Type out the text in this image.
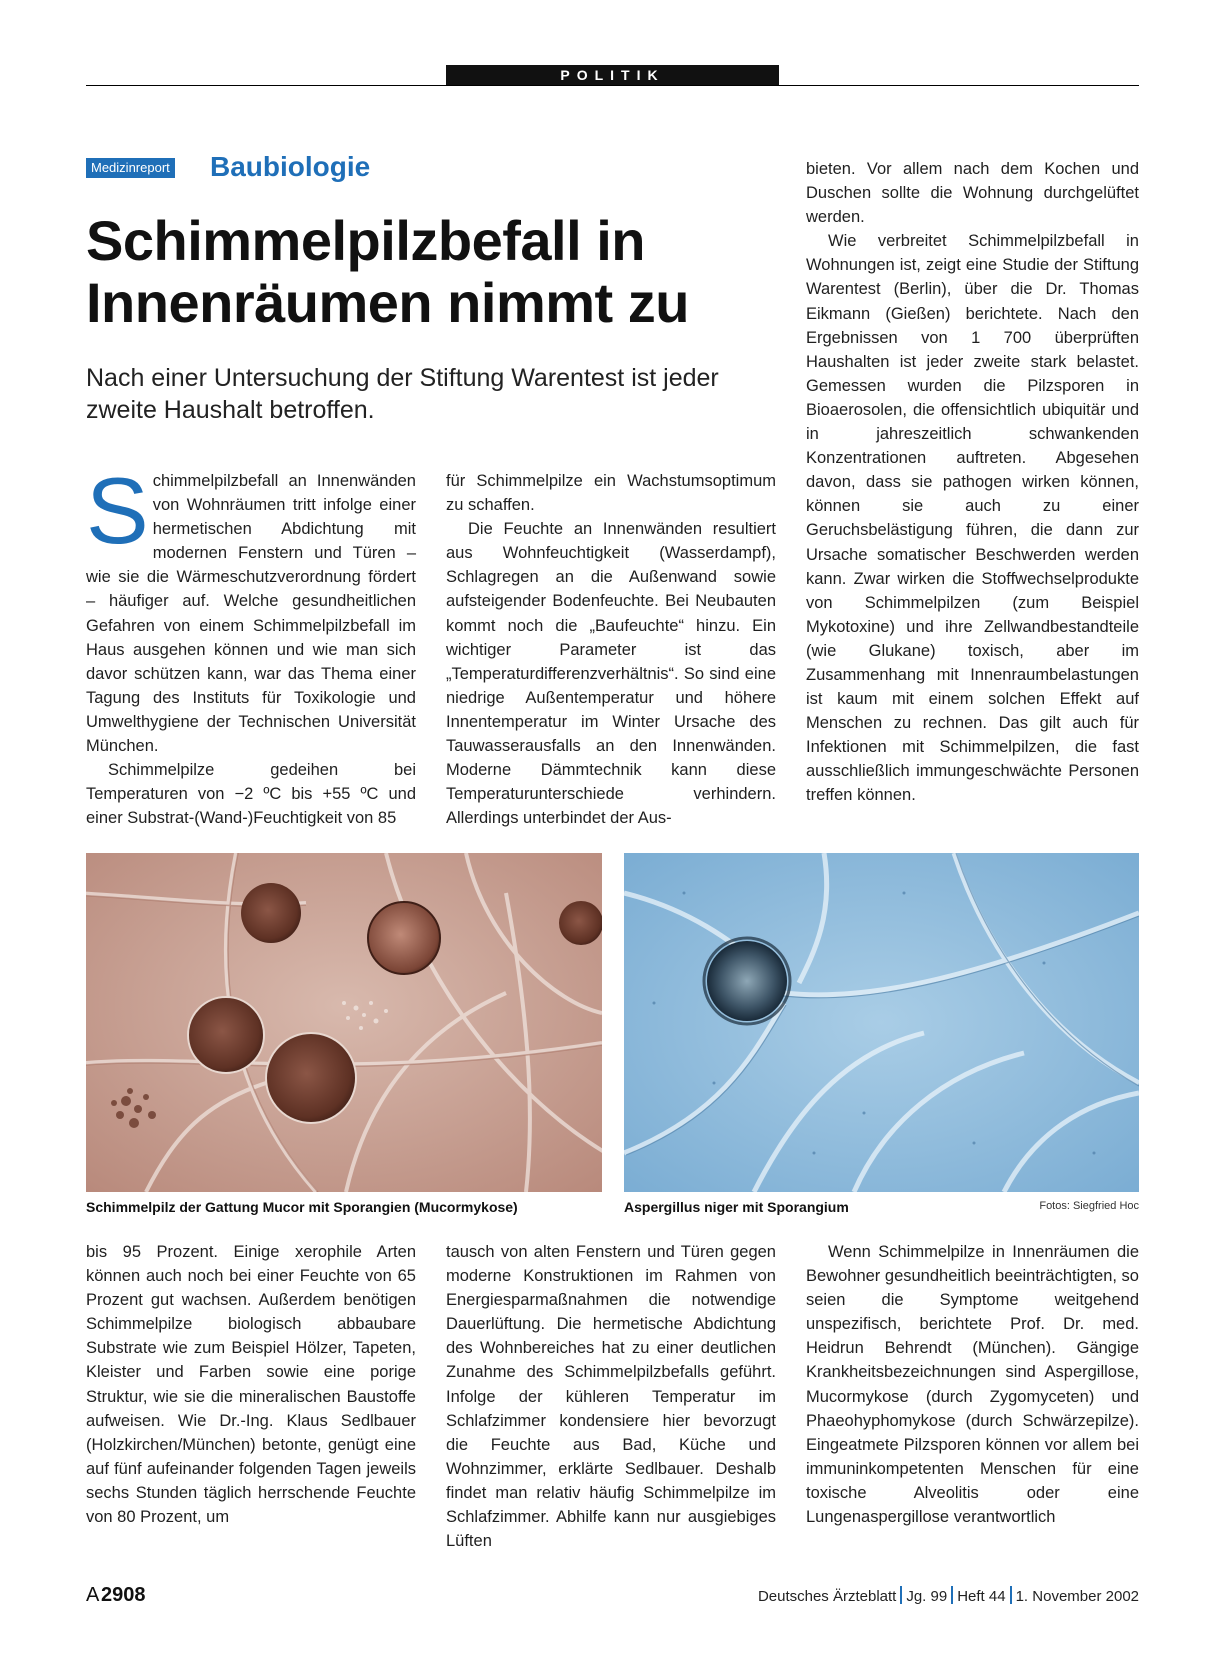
POLITIK
Medizinreport Baubiologie
Schimmelpilzbefall in Innenräumen nimmt zu

Nach einer Untersuchung der Stiftung Warentest ist jeder zweite Haushalt betroffen.

Schimmelpilzbefall an Innenwänden von Wohnräumen tritt infolge einer hermetischen Abdichtung mit modernen Fenstern und Türen – wie sie die Wärmeschutzverordnung fördert – häufiger auf. Welche gesundheitlichen Gefahren von einem Schimmelpilzbefall im Haus ausgehen können und wie man sich davor schützen kann, war das Thema einer Tagung des Instituts für Toxikologie und Umwelthygiene der Technischen Universität München.

Schimmelpilze gedeihen bei Temperaturen von −2 ºC bis +55 ºC und einer Substrat-(Wand-)Feuchtigkeit von 85

für Schimmelpilze ein Wachstumsoptimum zu schaffen.

Die Feuchte an Innenwänden resultiert aus Wohnfeuchtigkeit (Wasserdampf), Schlagregen an die Außenwand sowie aufsteigender Bodenfeuchte. Bei Neubauten kommt noch die „Baufeuchte“ hinzu. Ein wichtiger Parameter ist das „Temperaturdifferenzverhältnis“. So sind eine niedrige Außentemperatur und höhere Innentemperatur im Winter Ursache des Tauwasserausfalls an den Innenwänden. Moderne Dämmtechnik kann diese Temperaturunterschiede verhindern. Allerdings unterbindet der Aus-

bieten. Vor allem nach dem Kochen und Duschen sollte die Wohnung durchgelüftet werden.

Wie verbreitet Schimmelpilzbefall in Wohnungen ist, zeigt eine Studie der Stiftung Warentest (Berlin), über die Dr. Thomas Eikmann (Gießen) berichtete. Nach den Ergebnissen von 1 700 überprüften Haushalten ist jeder zweite stark belastet. Gemessen wurden die Pilzsporen in Bioaerosolen, die offensichtlich ubiquitär und in jahreszeitlich schwankenden Konzentrationen auftreten. Abgesehen davon, dass sie pathogen wirken können, können sie auch zu einer Geruchsbelästigung führen, die dann zur Ursache somatischer Beschwerden werden kann. Zwar wirken die Stoffwechselprodukte von Schimmelpilzen (zum Beispiel Mykotoxine) und ihre Zellwandbestandteile (wie Glukane) toxisch, aber im Zusammenhang mit Innenraumbelastungen ist kaum mit einem solchen Effekt auf Menschen zu rechnen. Das gilt auch für Infektionen mit Schimmelpilzen, die fast ausschließlich immungeschwächte Personen treffen können.

Schimmelpilz der Gattung Mucor mit Sporangien (Mucormykose)	Aspergillus niger mit Sporangium	Fotos: Siegfried Hoc

bis 95 Prozent. Einige xerophile Arten können auch noch bei einer Feuchte von 65 Prozent gut wachsen. Außerdem benötigen Schimmelpilze biologisch abbaubare Substrate wie zum Beispiel Hölzer, Tapeten, Kleister und Farben sowie eine porige Struktur, wie sie die mineralischen Baustoffe aufweisen. Wie Dr.-Ing. Klaus Sedlbauer (Holzkirchen/München) betonte, genügt eine auf fünf aufeinander folgenden Tagen jeweils sechs Stunden täglich herrschende Feuchte von 80 Prozent, um

tausch von alten Fenstern und Türen gegen moderne Konstruktionen im Rahmen von Energiesparmaßnahmen die notwendige Dauerlüftung. Die hermetische Abdichtung des Wohnbereiches hat zu einer deutlichen Zunahme des Schimmelpilzbefalls geführt. Infolge der kühleren Temperatur im Schlafzimmer kondensiere hier bevorzugt die Feuchte aus Bad, Küche und Wohnzimmer, erklärte Sedlbauer. Deshalb findet man relativ häufig Schimmelpilze im Schlafzimmer. Abhilfe kann nur ausgiebiges Lüften

Wenn Schimmelpilze in Innenräumen die Bewohner gesundheitlich beeinträchtigten, so seien die Symptome weitgehend unspezifisch, berichtete Prof. Dr. med. Heidrun Behrendt (München). Gängige Krankheitsbezeichnungen sind Aspergillose, Mucormykose (durch Zygomyceten) und Phaeohyphomykose (durch Schwärzepilze). Eingeatmete Pilzsporen können vor allem bei immuninkompetenten Menschen für eine toxische Alveolitis oder eine Lungenaspergillose verantwortlich

A 2908	Deutsches Ärzteblatt Jg. 99 Heft 44 1. November 2002
